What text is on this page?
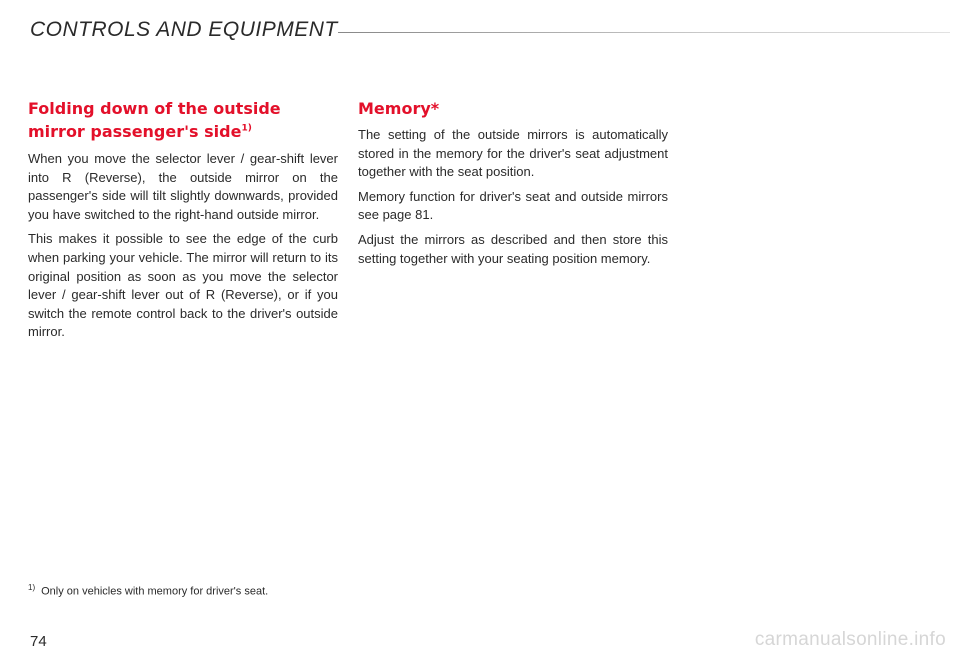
CONTROLS AND EQUIPMENT
Folding down of the outside mirror passenger's side$^{1)}$

When you move the selector lever / gear-shift lever into R (Reverse), the outside mirror on the passenger's side will tilt slightly downwards, provided you have switched to the right-hand outside mirror.

This makes it possible to see the edge of the curb when parking your vehicle. The mirror will return to its original position as soon as you move the selector lever / gear-shift lever out of R (Reverse), or if you switch the remote control back to the driver's outside mirror.

Memory*

The setting of the outside mirrors is automatically stored in the memory for the driver's seat adjustment together with the seat position.

Memory function for driver's seat and outside mirrors see page 81.

Adjust the mirrors as described and then store this setting together with your seating position memory.

$^{1)}$ Only on vehicles with memory for driver's seat.
74	carmanualsonline.info
